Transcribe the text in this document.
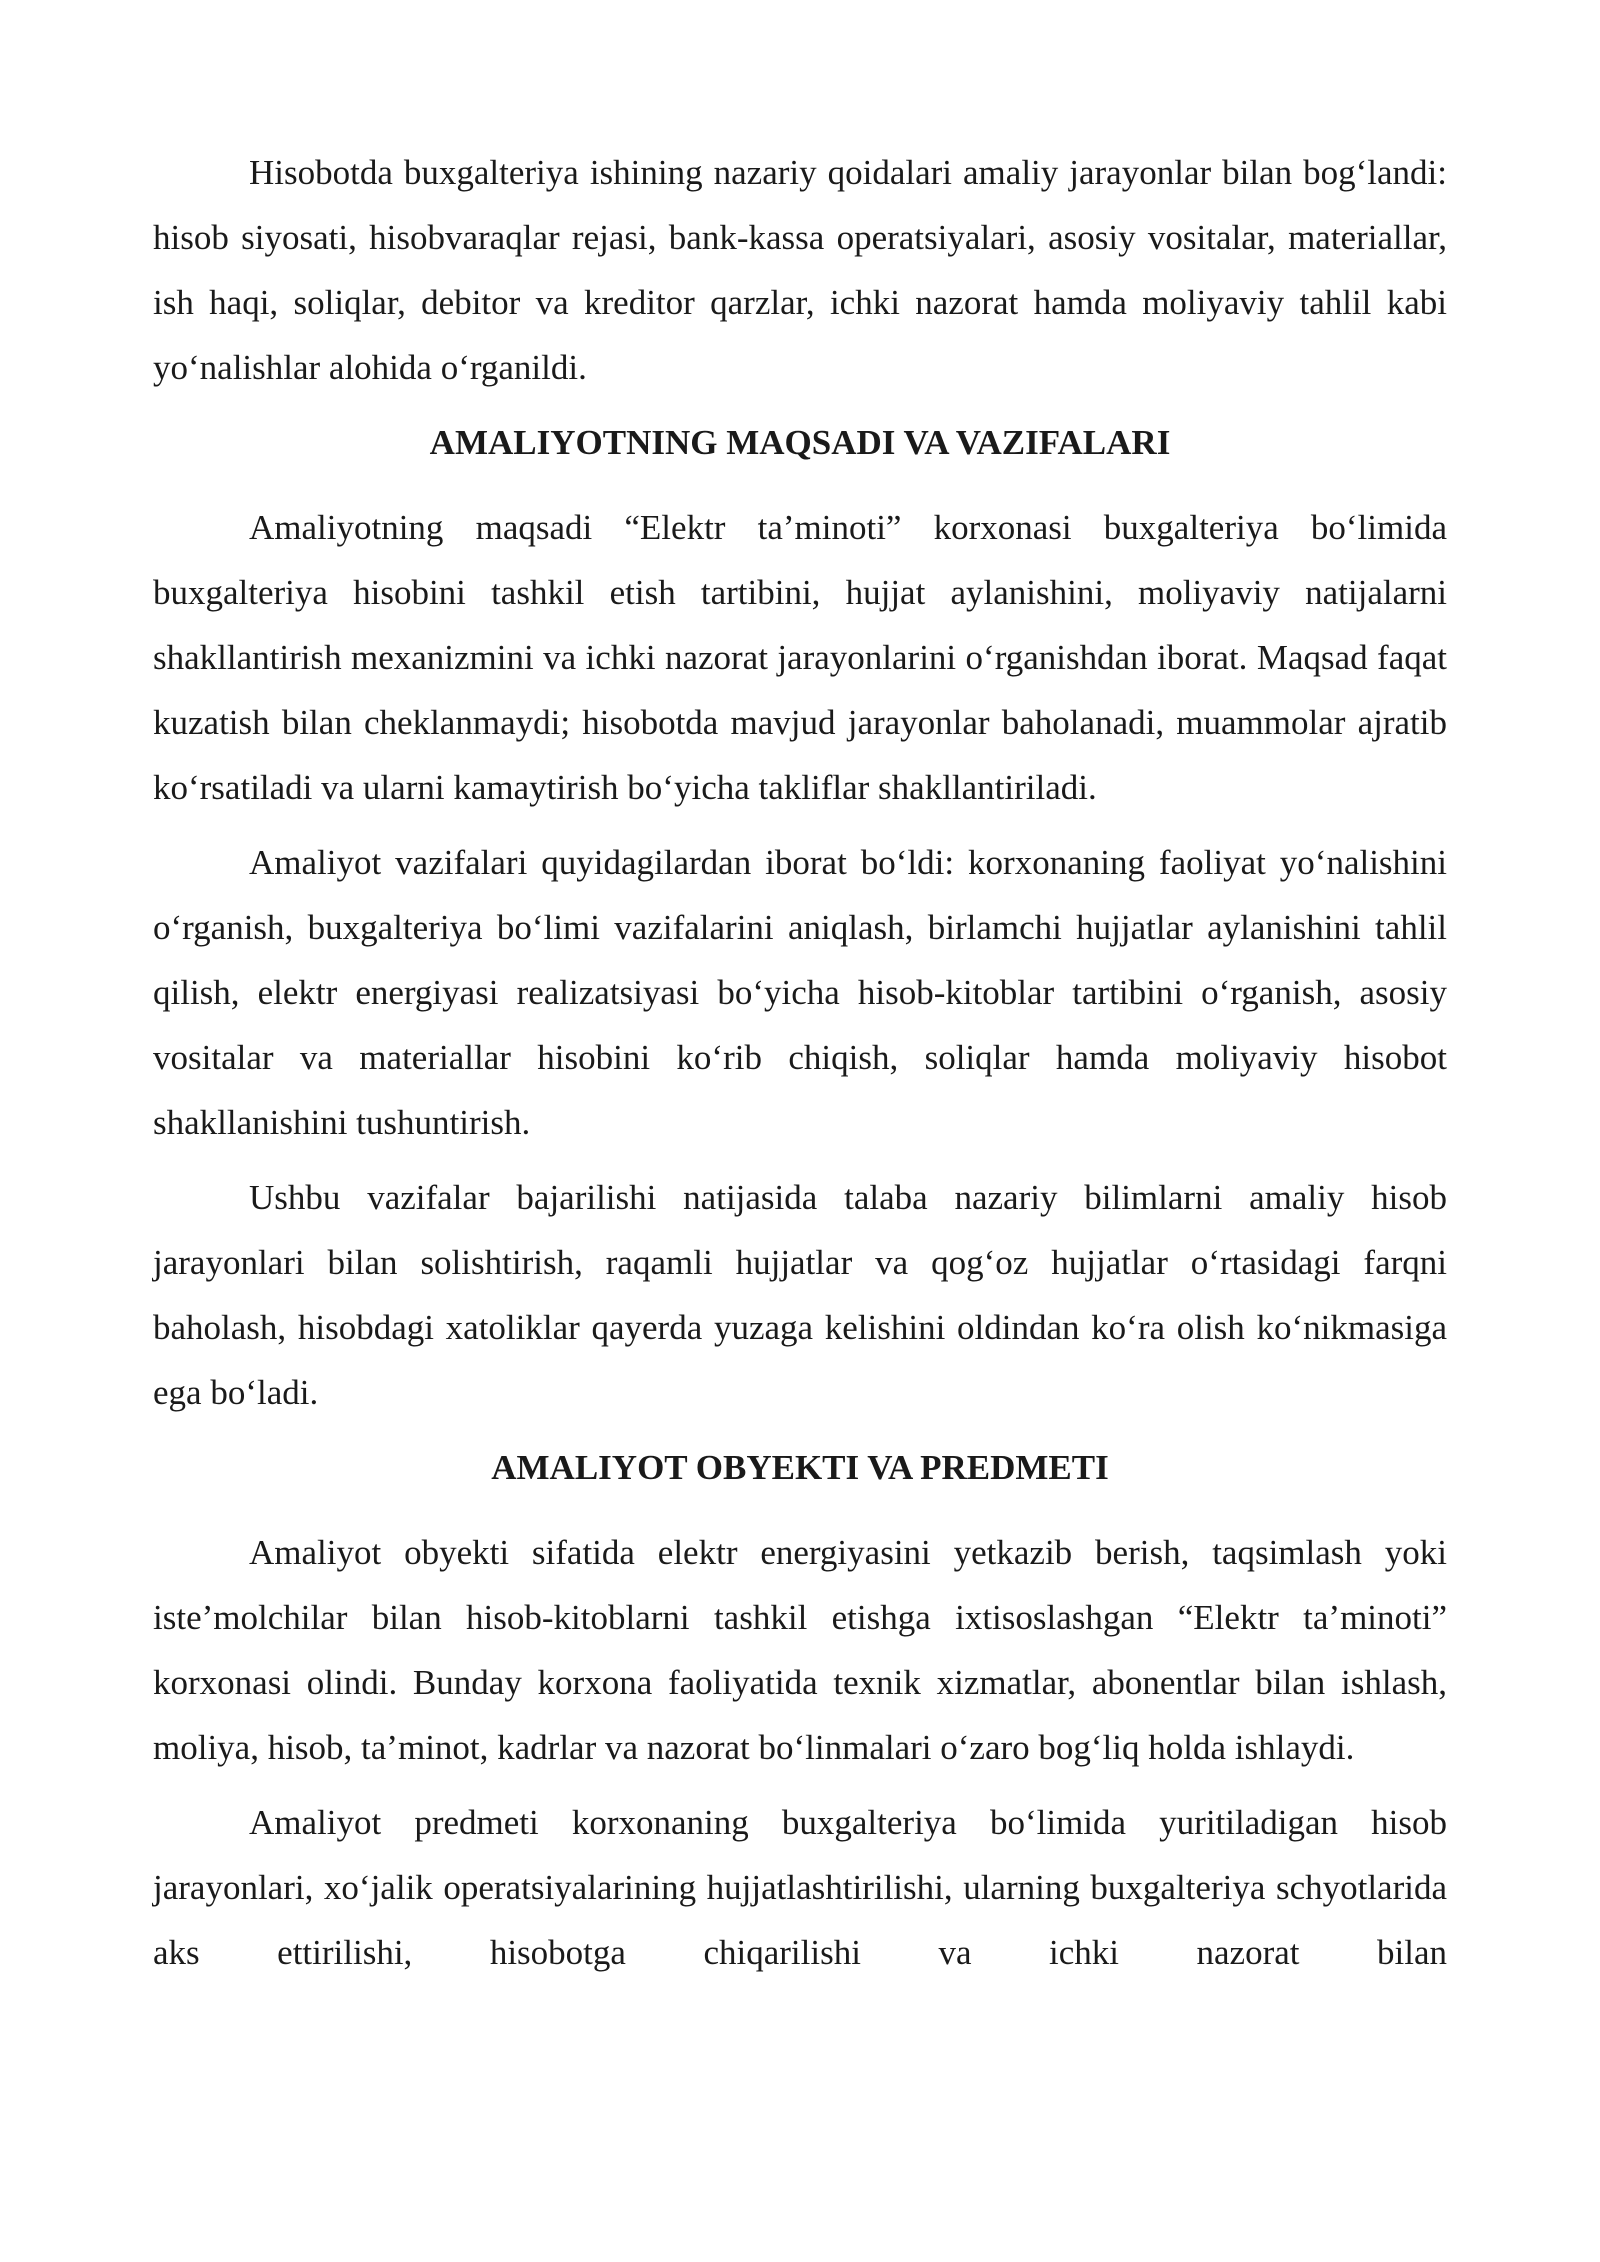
Hisobotda buxgalteriya ishining nazariy qoidalari amaliy jarayonlar bilan bog‘landi: hisob siyosati, hisobvaraqlar rejasi, bank-kassa operatsiyalari, asosiy vositalar, materiallar, ish haqi, soliqlar, debitor va kreditor qarzlar, ichki nazorat hamda moliyaviy tahlil kabi yo‘nalishlar alohida o‘rganildi.

AMALIYOTNING MAQSADI VA VAZIFALARI

Amaliyotning maqsadi “Elektr ta’minoti” korxonasi buxgalteriya bo‘limida buxgalteriya hisobini tashkil etish tartibini, hujjat aylanishini, moliyaviy natijalarni shakllantirish mexanizmini va ichki nazorat jarayonlarini o‘rganishdan iborat. Maqsad faqat kuzatish bilan cheklanmaydi; hisobotda mavjud jarayonlar baholanadi, muammolar ajratib ko‘rsatiladi va ularni kamaytirish bo‘yicha takliflar shakllantiriladi.

Amaliyot vazifalari quyidagilardan iborat bo‘ldi: korxonaning faoliyat yo‘nalishini o‘rganish, buxgalteriya bo‘limi vazifalarini aniqlash, birlamchi hujjatlar aylanishini tahlil qilish, elektr energiyasi realizatsiyasi bo‘yicha hisob-kitoblar tartibini o‘rganish, asosiy vositalar va materiallar hisobini ko‘rib chiqish, soliqlar hamda moliyaviy hisobot shakllanishini tushuntirish.

Ushbu vazifalar bajarilishi natijasida talaba nazariy bilimlarni amaliy hisob jarayonlari bilan solishtirish, raqamli hujjatlar va qog‘oz hujjatlar o‘rtasidagi farqni baholash, hisobdagi xatoliklar qayerda yuzaga kelishini oldindan ko‘ra olish ko‘nikmasiga ega bo‘ladi.

AMALIYOT OBYEKTI VA PREDMETI

Amaliyot obyekti sifatida elektr energiyasini yetkazib berish, taqsimlash yoki iste’molchilar bilan hisob-kitoblarni tashkil etishga ixtisoslashgan “Elektr ta’minoti” korxonasi olindi. Bunday korxona faoliyatida texnik xizmatlar, abonentlar bilan ishlash, moliya, hisob, ta’minot, kadrlar va nazorat bo‘linmalari o‘zaro bog‘liq holda ishlaydi.

Amaliyot predmeti korxonaning buxgalteriya bo‘limida yuritiladigan hisob jarayonlari, xo‘jalik operatsiyalarining hujjatlashtirilishi, ularning buxgalteriya schyotlarida aks ettirilishi, hisobotga chiqarilishi va ichki nazorat bilan
